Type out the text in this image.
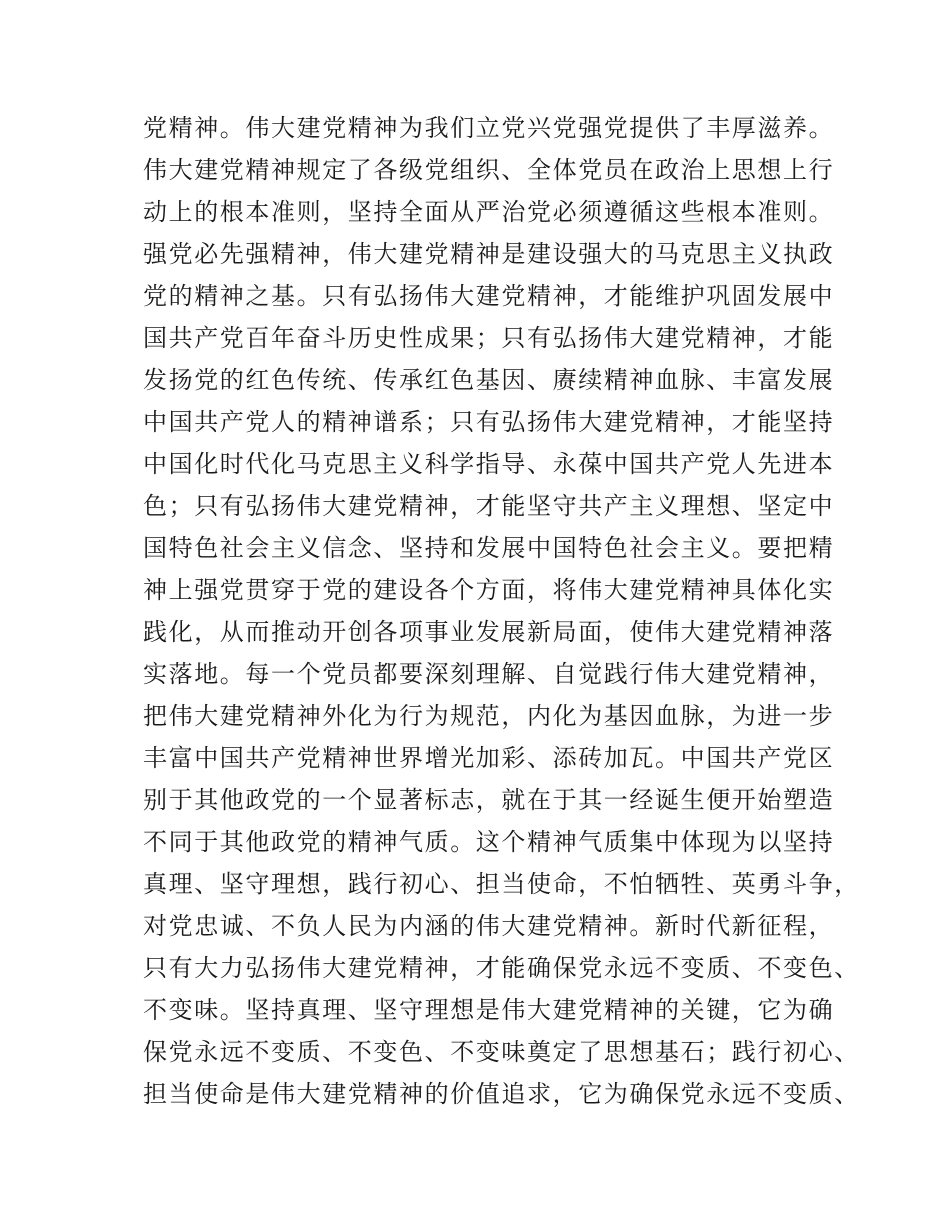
党精神。伟大建党精神为我们立党兴党强党提供了丰厚滋养。
伟大建党精神规定了各级党组织、全体党员在政治上思想上行
动上的根本准则，坚持全面从严治党必须遵循这些根本准则。
强党必先强精神，伟大建党精神是建设强大的马克思主义执政
党的精神之基。只有弘扬伟大建党精神，才能维护巩固发展中
国共产党百年奋斗历史性成果；只有弘扬伟大建党精神，才能
发扬党的红色传统、传承红色基因、赓续精神血脉、丰富发展
中国共产党人的精神谱系；只有弘扬伟大建党精神，才能坚持
中国化时代化马克思主义科学指导、永葆中国共产党人先进本
色；只有弘扬伟大建党精神，才能坚守共产主义理想、坚定中
国特色社会主义信念、坚持和发展中国特色社会主义。要把精
神上强党贯穿于党的建设各个方面，将伟大建党精神具体化实
践化，从而推动开创各项事业发展新局面，使伟大建党精神落
实落地。每一个党员都要深刻理解、自觉践行伟大建党精神，
把伟大建党精神外化为行为规范，内化为基因血脉，为进一步
丰富中国共产党精神世界增光加彩、添砖加瓦。中国共产党区
别于其他政党的一个显著标志，就在于其一经诞生便开始塑造
不同于其他政党的精神气质。这个精神气质集中体现为以坚持
真理、坚守理想，践行初心、担当使命，不怕牺牲、英勇斗争，
对党忠诚、不负人民为内涵的伟大建党精神。新时代新征程，
只有大力弘扬伟大建党精神，才能确保党永远不变质、不变色、
不变味。坚持真理、坚守理想是伟大建党精神的关键，它为确
保党永远不变质、不变色、不变味奠定了思想基石；践行初心、
担当使命是伟大建党精神的价值追求，它为确保党永远不变质、
